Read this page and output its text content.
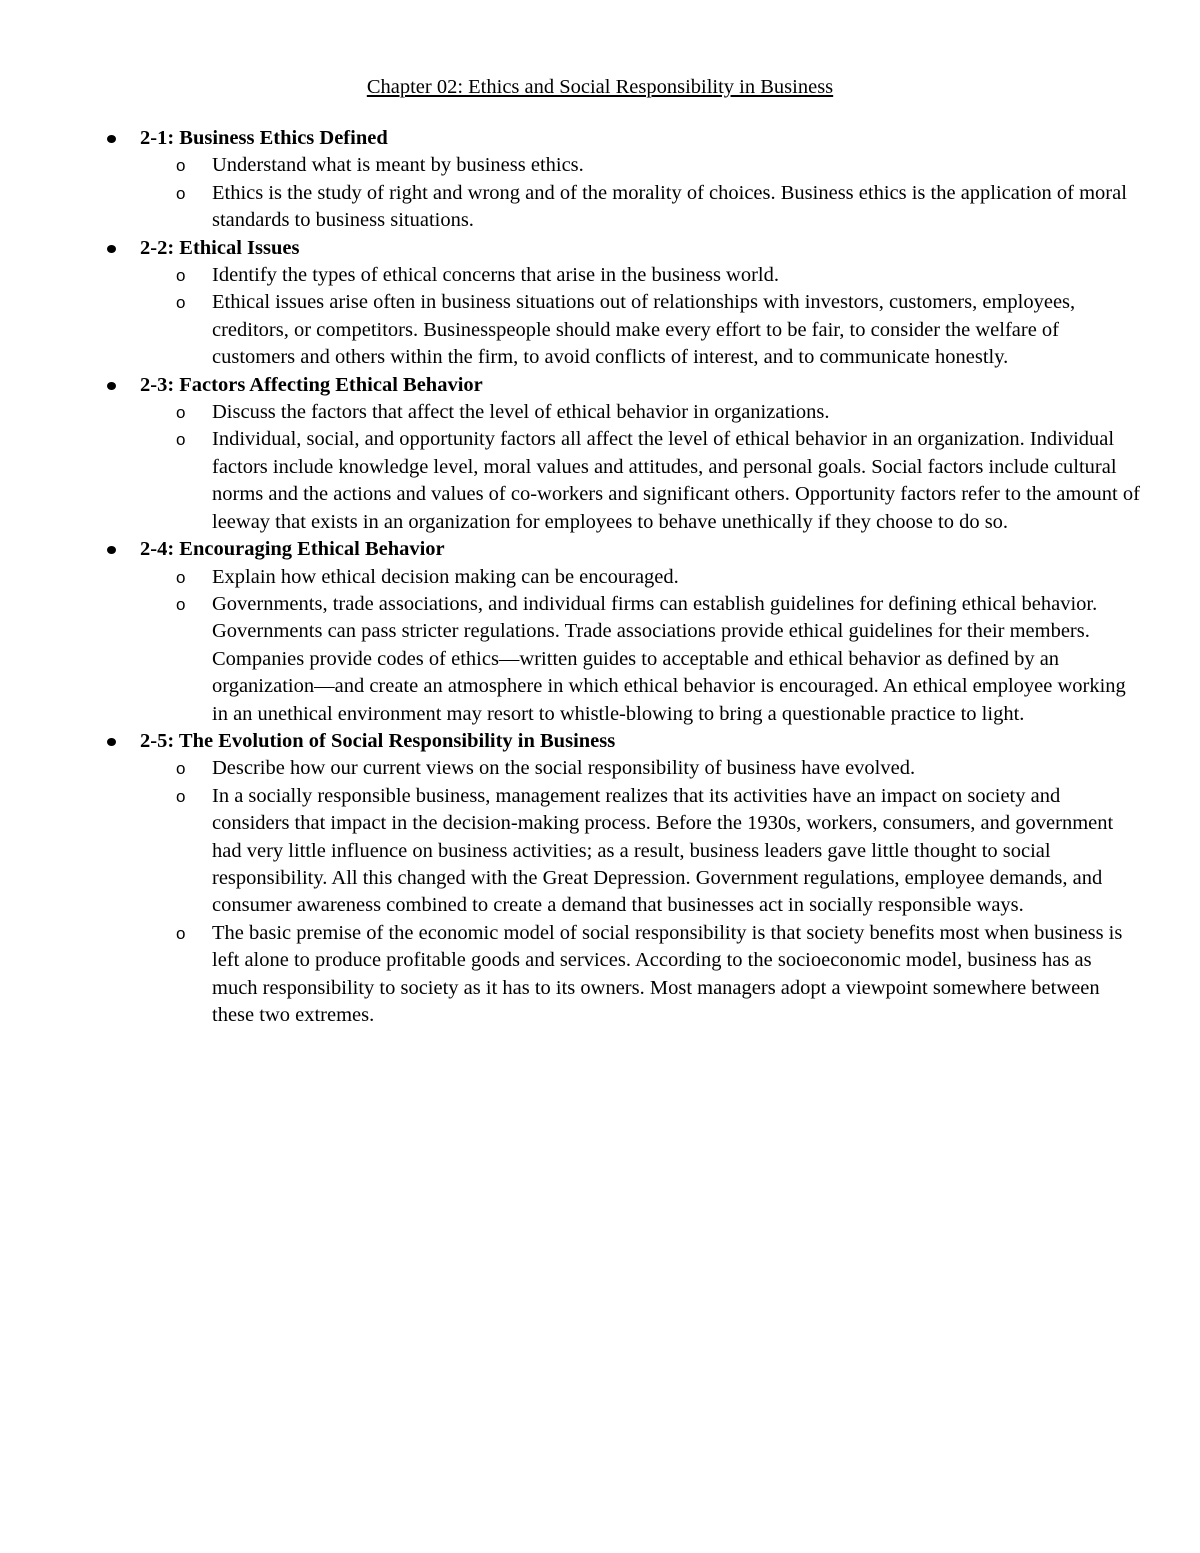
Chapter 02: Ethics and Social Responsibility in Business
2-1: Business Ethics Defined
o Understand what is meant by business ethics.
o Ethics is the study of right and wrong and of the morality of choices. Business ethics is the application of moral standards to business situations.
2-2: Ethical Issues
o Identify the types of ethical concerns that arise in the business world.
o Ethical issues arise often in business situations out of relationships with investors, customers, employees, creditors, or competitors. Businesspeople should make every effort to be fair, to consider the welfare of customers and others within the firm, to avoid conflicts of interest, and to communicate honestly.
2-3: Factors Affecting Ethical Behavior
o Discuss the factors that affect the level of ethical behavior in organizations.
o Individual, social, and opportunity factors all affect the level of ethical behavior in an organization. Individual factors include knowledge level, moral values and attitudes, and personal goals. Social factors include cultural norms and the actions and values of co-workers and significant others. Opportunity factors refer to the amount of leeway that exists in an organization for employees to behave unethically if they choose to do so.
2-4: Encouraging Ethical Behavior
o Explain how ethical decision making can be encouraged.
o Governments, trade associations, and individual firms can establish guidelines for defining ethical behavior. Governments can pass stricter regulations. Trade associations provide ethical guidelines for their members. Companies provide codes of ethics—written guides to acceptable and ethical behavior as defined by an organization—and create an atmosphere in which ethical behavior is encouraged. An ethical employee working in an unethical environment may resort to whistle-blowing to bring a questionable practice to light.
2-5: The Evolution of Social Responsibility in Business
o Describe how our current views on the social responsibility of business have evolved.
o In a socially responsible business, management realizes that its activities have an impact on society and considers that impact in the decision-making process. Before the 1930s, workers, consumers, and government had very little influence on business activities; as a result, business leaders gave little thought to social responsibility. All this changed with the Great Depression. Government regulations, employee demands, and consumer awareness combined to create a demand that businesses act in socially responsible ways.
o The basic premise of the economic model of social responsibility is that society benefits most when business is left alone to produce profitable goods and services. According to the socioeconomic model, business has as much responsibility to society as it has to its owners. Most managers adopt a viewpoint somewhere between these two extremes.
